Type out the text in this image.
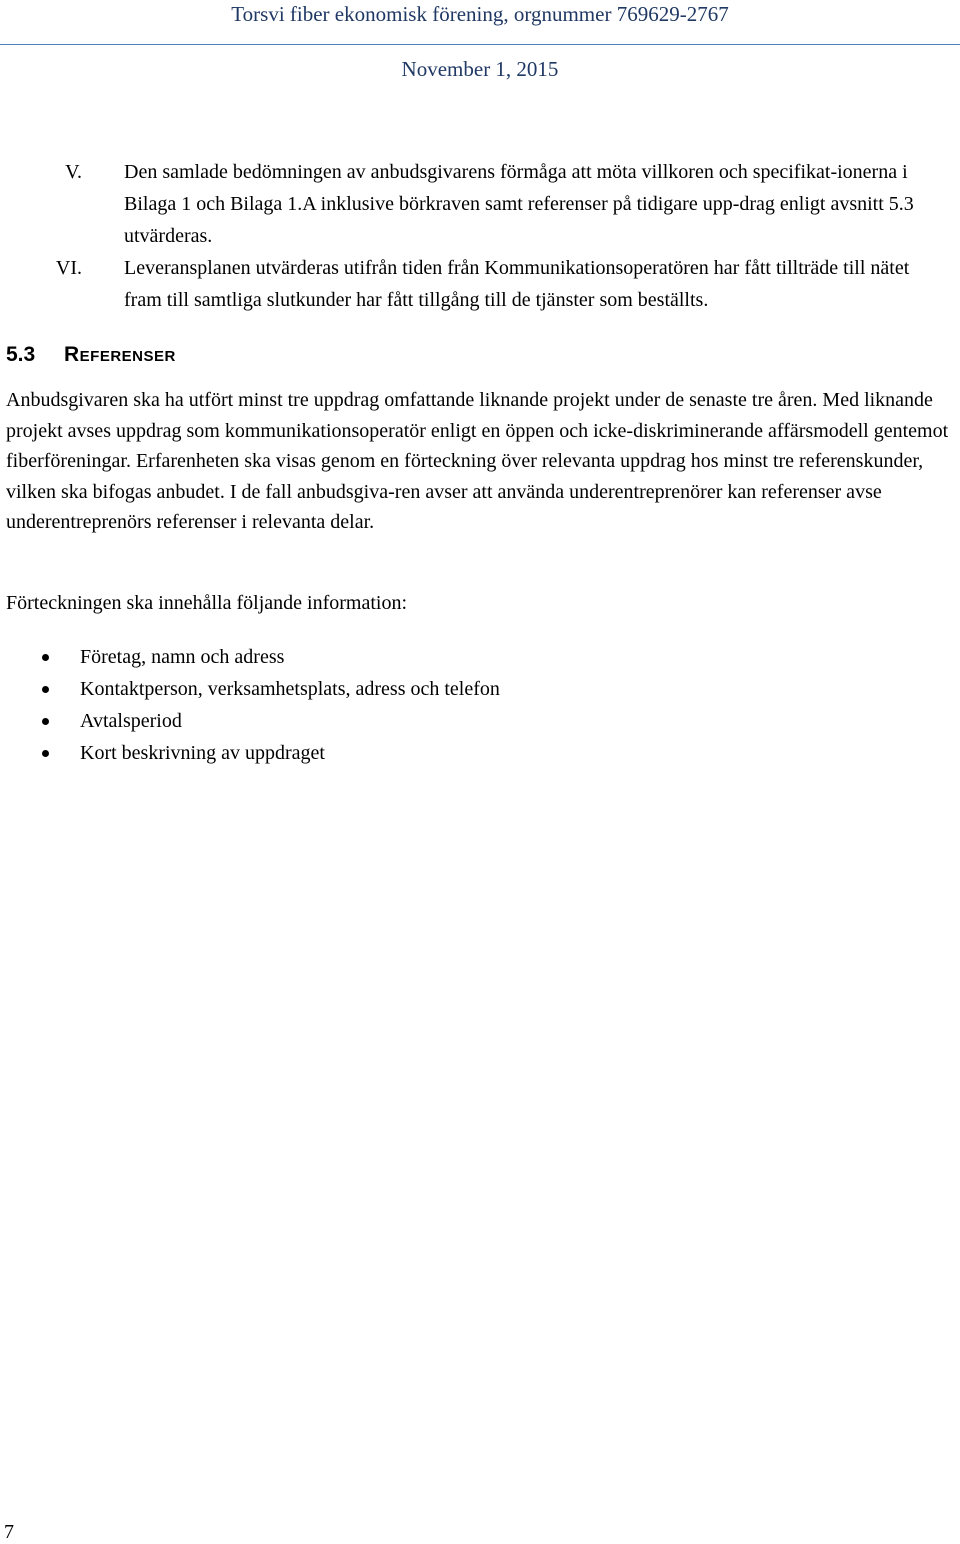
Torsvi fiber ekonomisk förening, orgnummer 769629-2767
November 1, 2015
V. Den samlade bedömningen av anbudsgivarens förmåga att möta villkoren och specifikat-ionerna i Bilaga 1 och Bilaga 1.A inklusive börkraven samt referenser på tidigare upp-drag enligt avsnitt 5.3 utvärderas.
VI. Leveransplanen utvärderas utifrån tiden från Kommunikationsoperatören har fått tillträde till nätet fram till samtliga slutkunder har fått tillgång till de tjänster som beställts.
5.3 Referenser
Anbudsgivaren ska ha utfört minst tre uppdrag omfattande liknande projekt under de senaste tre åren. Med liknande projekt avses uppdrag som kommunikationsoperatör enligt en öppen och icke-diskriminerande affärsmodell gentemot fiberföreningar. Erfarenheten ska visas genom en förteckning över relevanta uppdrag hos minst tre referenskunder, vilken ska bifogas anbudet. I de fall anbudsgiva-ren avser att använda underentreprenörer kan referenser avse underentreprenörs referenser i relevanta delar.
Förteckningen ska innehålla följande information:
Företag, namn och adress
Kontaktperson, verksamhetsplats, adress och telefon
Avtalsperiod
Kort beskrivning av uppdraget
7
